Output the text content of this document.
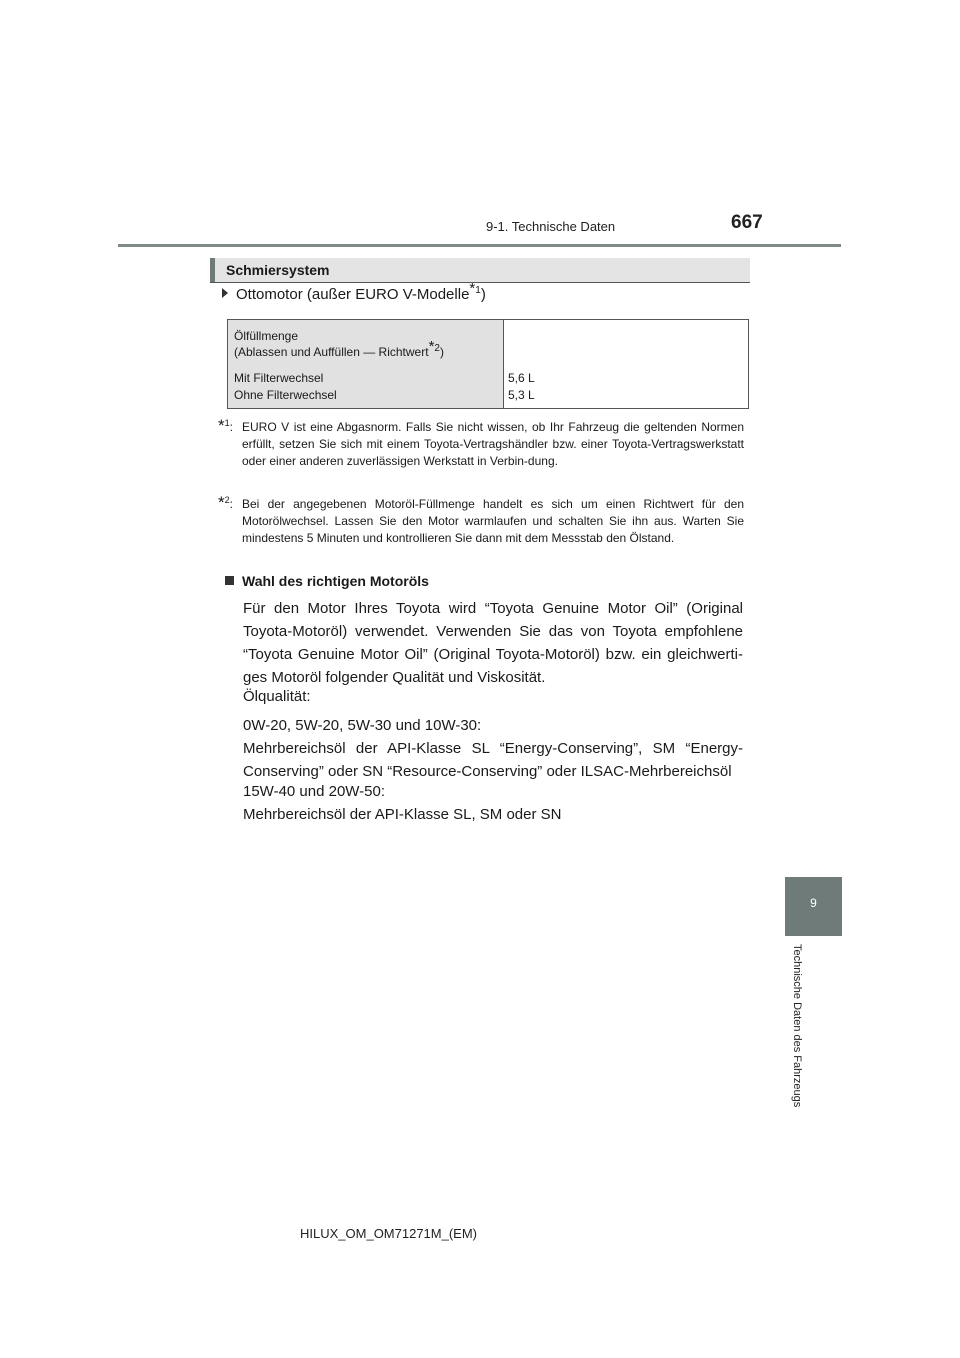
9-1. Technische Daten	667
Schmiersystem
Ottomotor (außer EURO V-Modelle$^{*1}$)
Ölfüllmenge
(Ablassen und Auffüllen — Richtwert$^{*2}$)
Mit Filterwechsel
Ohne Filterwechsel
5,6 L
5,3 L
*$^1$: EURO V ist eine Abgasnorm. Falls Sie nicht wissen, ob Ihr Fahrzeug die geltenden Normen erfüllt, setzen Sie sich mit einem Toyota-Vertragshändler bzw. einer Toyota-Vertragswerkstatt oder einer anderen zuverlässigen Werkstatt in Verbin-dung.
*$^2$: Bei der angegebenen Motoröl-Füllmenge handelt es sich um einen Richtwert für den Motorölwechsel. Lassen Sie den Motor warmlaufen und schalten Sie ihn aus. Warten Sie mindestens 5 Minuten und kontrollieren Sie dann mit dem Messstab den Ölstand.
Wahl des richtigen Motoröls
Für den Motor Ihres Toyota wird “Toyota Genuine Motor Oil” (Original
Toyota-Motoröl) verwendet. Verwenden Sie das von Toyota empfohlene
“Toyota Genuine Motor Oil” (Original Toyota-Motoröl) bzw. ein gleichwerti-
ges Motoröl folgender Qualität und Viskosität.
Ölqualität:
0W-20, 5W-20, 5W-30 und 10W-30:
Mehrbereichsöl der API-Klasse SL “Energy-Conserving”, SM “Energy-
Conserving” oder SN “Resource-Conserving” oder ILSAC-Mehrbereichsöl
15W-40 und 20W-50:
Mehrbereichsöl der API-Klasse SL, SM oder SN
9
Technische Daten des Fahrzeugs
HILUX_OM_OM71271M_(EM)
